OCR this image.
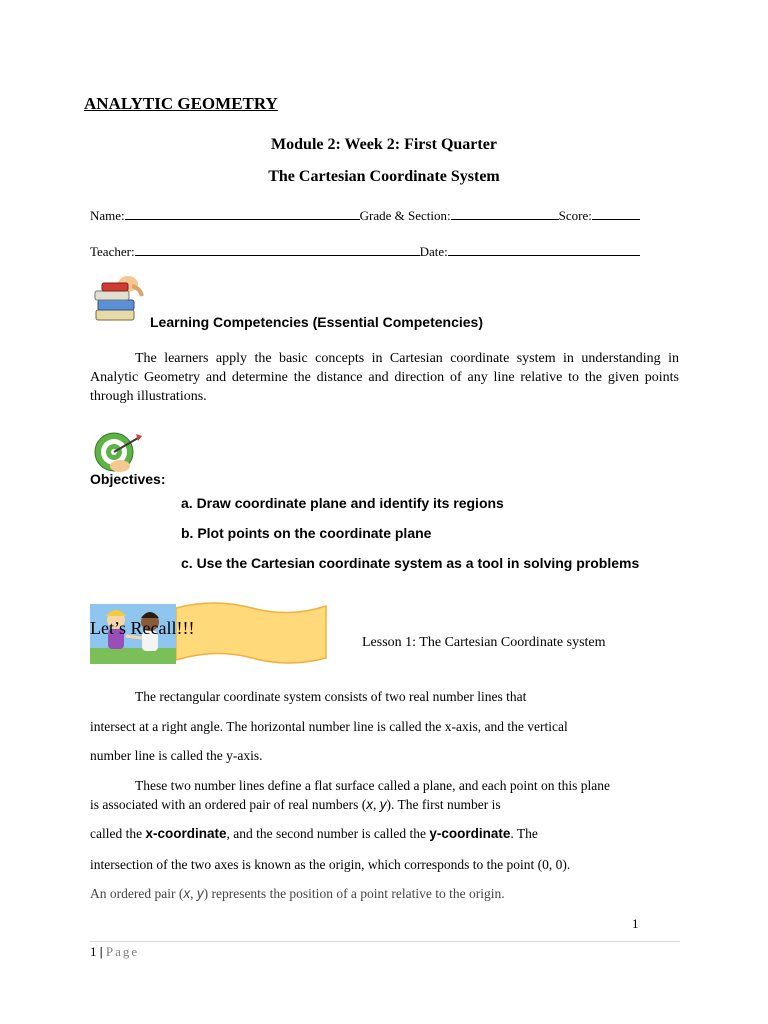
ANALYTIC GEOMETRY
Module 2: Week 2: First Quarter
The Cartesian Coordinate System
Name:	Grade & Section:	Score:
Teacher:	Date:
Learning Competencies (Essential Competencies)
The learners apply the basic concepts in Cartesian coordinate system in understanding in Analytic Geometry and determine the distance and direction of any line relative to the given points through illustrations.
Objectives:
a. Draw coordinate plane and identify its regions
b. Plot points on the coordinate plane
c. Use the Cartesian coordinate system as a tool in solving problems
Let’s Recall!!!
Lesson 1: The Cartesian Coordinate system
The rectangular coordinate system consists of two real number lines that
intersect at a right angle. The horizontal number line is called the x-axis, and the vertical
number line is called the y-axis.
These two number lines define a flat surface called a plane, and each point on this plane
is associated with an ordered pair of real numbers (x, y). The first number is
called the x-coordinate, and the second number is called the y-coordinate. The
intersection of the two axes is known as the origin, which corresponds to the point (0, 0).
An ordered pair (x, y) represents the position of a point relative to the origin.
1
1 | Page
